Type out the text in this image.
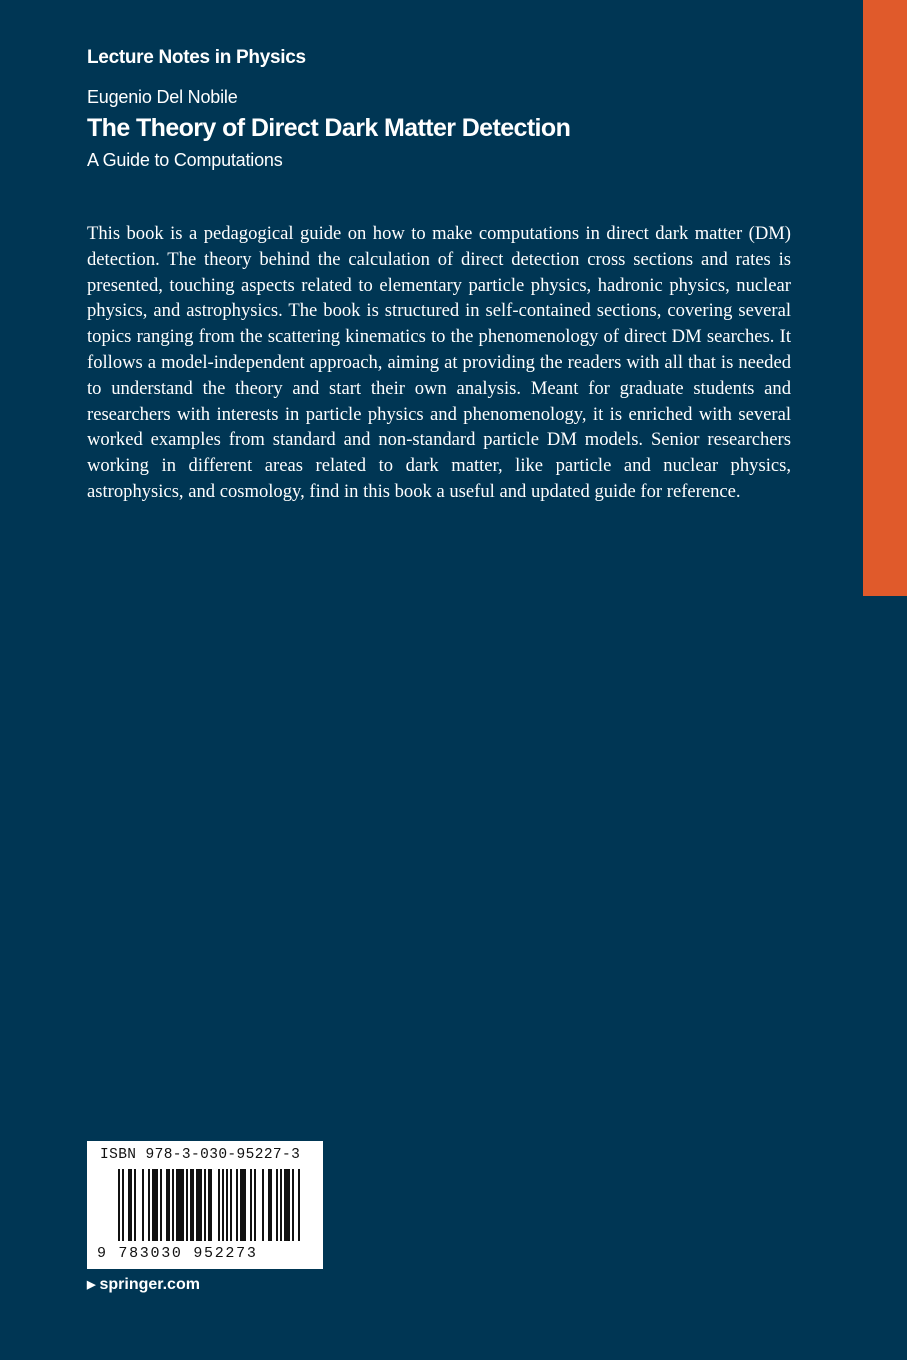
Lecture Notes in Physics
Eugenio Del Nobile
The Theory of Direct Dark Matter Detection
A Guide to Computations

This book is a pedagogical guide on how to make computations in direct dark matter (DM) detection. The theory behind the calculation of direct detection cross sections and rates is presented, touching aspects related to elementary particle physics, hadronic physics, nuclear physics, and astrophysics. The book is structured in self-contained sections, covering several topics ranging from the scattering kinematics to the phenomenology of direct DM searches. It follows a model-independent approach, aiming at providing the readers with all that is needed to understand the theory and start their own analysis. Meant for graduate students and researchers with interests in particle physics and phenomenology, it is enriched with several worked examples from standard and non-standard particle DM models. Senior researchers working in different areas related to dark matter, like particle and nuclear physics, astrophysics, and cosmology, find in this book a useful and updated guide for reference.

ISBN 978-3-030-95227-3
9 783030 952273
▶ springer.com
